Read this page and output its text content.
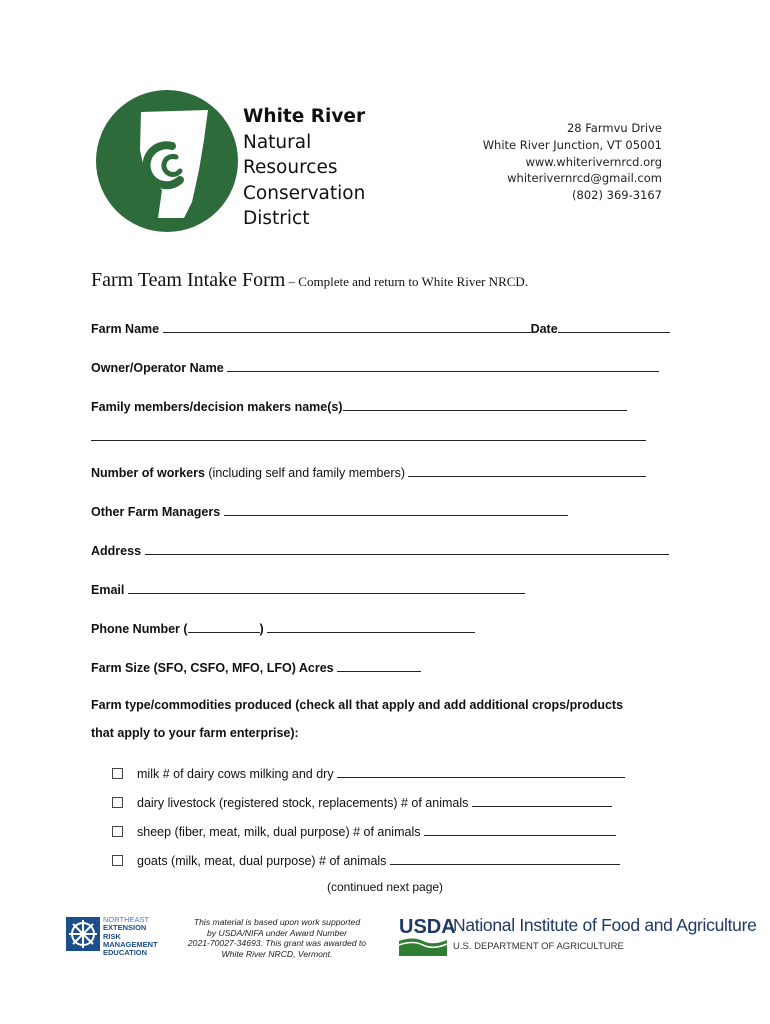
White River
Natural
Resources
Conservation
District
28 Farmvu Drive
White River Junction, VT 05001
www.whiterivernrcd.org
whiterivernrcd@gmail.com
(802) 369-3167
Farm Team Intake Form – Complete and return to White River NRCD.
Farm Name	Date
Owner/Operator Name
Family members/decision makers name(s)
Number of workers (including self and family members)
Other Farm Managers
Address
Email
Phone Number (	)
Farm Size (SFO, CSFO, MFO, LFO) Acres
Farm type/commodities produced (check all that apply and add additional crops/products
that apply to your farm enterprise):
milk # of dairy cows milking and dry
dairy livestock (registered stock, replacements) # of animals
sheep (fiber, meat, milk, dual purpose) # of animals
goats (milk, meat, dual purpose) # of animals
(continued next page)
NORTHEAST
EXTENSION
RISK
MANAGEMENT
EDUCATION
This material is based upon work supported
by USDA/NIFA under Award Number
2021-70027-34693. This grant was awarded to
White River NRCD, Vermont.
USDA
National Institute of Food and Agriculture
U.S. DEPARTMENT OF AGRICULTURE
